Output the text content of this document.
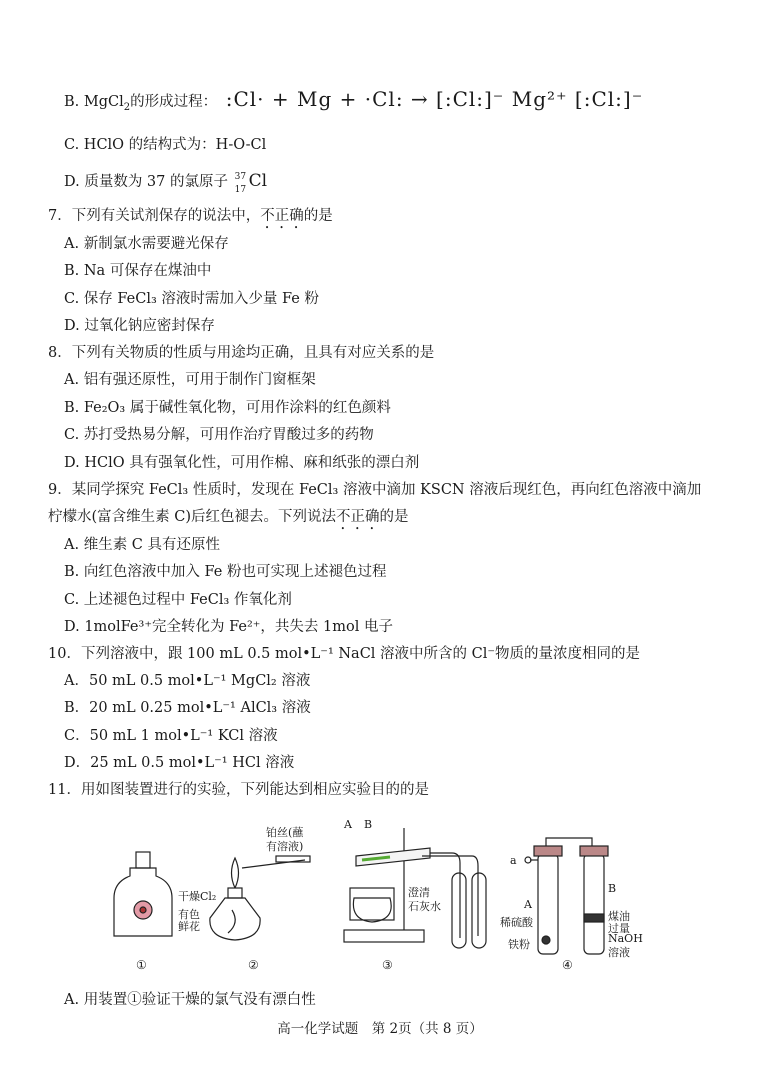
B. MgCl$_2$的形成过程： :Cl· + Mg + ·Cl: → [:Cl:]⁻ Mg²⁺ [:Cl:]⁻
C. HClO 的结构式为：H-O-Cl
D. 质量数为 37 的氯原子 37
17 Cl
7．下列有关试剂保存的说法中，不正确的是
A. 新制氯水需要避光保存
B. Na 可保存在煤油中
C. 保存 FeCl₃ 溶液时需加入少量 Fe 粉
D. 过氧化钠应密封保存
8．下列有关物质的性质与用途均正确，且具有对应关系的是
A. 铝有强还原性，可用于制作门窗框架
B. Fe₂O₃ 属于碱性氧化物，可用作涂料的红色颜料
C. 苏打受热易分解，可用作治疗胃酸过多的药物
D. HClO 具有强氧化性，可用作棉、麻和纸张的漂白剂
9．某同学探究 FeCl₃ 性质时，发现在 FeCl₃ 溶液中滴加 KSCN 溶液后现红色，再向红色溶液中滴加
柠檬水(富含维生素 C)后红色褪去。下列说法不正确的是
A. 维生素 C 具有还原性
B. 向红色溶液中加入 Fe 粉也可实现上述褪色过程
C. 上述褪色过程中 FeCl₃ 作氧化剂
D. 1molFe³⁺完全转化为 Fe²⁺，共失去 1mol 电子
10．下列溶液中，跟 100 mL 0.5 mol•L⁻¹ NaCl 溶液中所含的 Cl⁻物质的量浓度相同的是
A．50 mL 0.5 mol•L⁻¹ MgCl₂ 溶液
B．20 mL 0.25 mol•L⁻¹ AlCl₃ 溶液
C．50 mL 1 mol•L⁻¹ KCl 溶液
D．25 mL 0.5 mol•L⁻¹ HCl 溶液
11．用如图装置进行的实验，下列能达到相应实验目的的是
干燥Cl₂
有色
鲜花
①
铂丝(蘸
有溶液)
②
A B
澄清
石灰水
③
a
A
B
稀硫酸
铁粉
煤油
过量
NaOH
溶液
④
A. 用装置①验证干燥的氯气没有漂白性
高一化学试题　第 2页（共 8 页）
